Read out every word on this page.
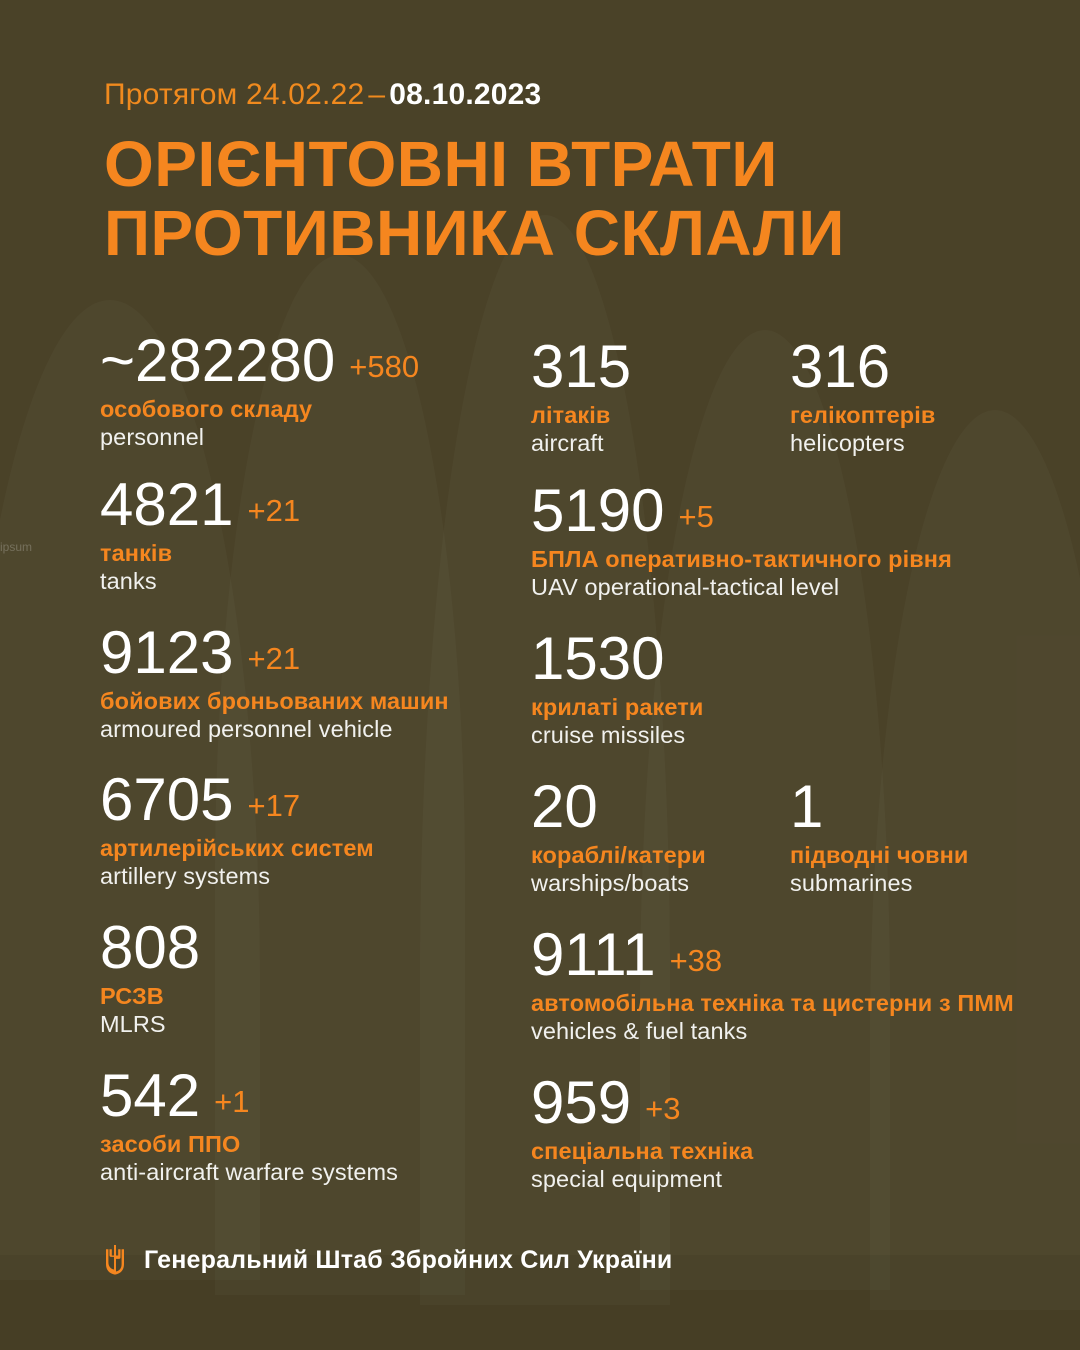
ipsum
Протягом 24.02.22 – 08.10.2023
ОРІЄНТОВНІ ВТРАТИ
ПРОТИВНИКА СКЛАЛИ
~282280 +580
особового складу
personnel
4821 +21
танків
tanks
9123 +21
бойових броньованих машин
armoured personnel vehicle
6705 +17
артилерійських систем
artillery systems
808
РСЗВ
MLRS
542 +1
засоби ППО
anti-aircraft warfare systems
315
літаків
aircraft
5190 +5
БПЛА оперативно-тактичного рівня
UAV operational-tactical level
1530
крилаті ракети
cruise missiles
20
кораблі/катери
warships/boats
9111 +38
автомобільна техніка та цистерни з ПММ
vehicles & fuel tanks
959 +3
спеціальна техніка
special equipment
316
гелікоптерів
helicopters
1
підводні човни
submarines
Генеральний Штаб Збройних Сил України
